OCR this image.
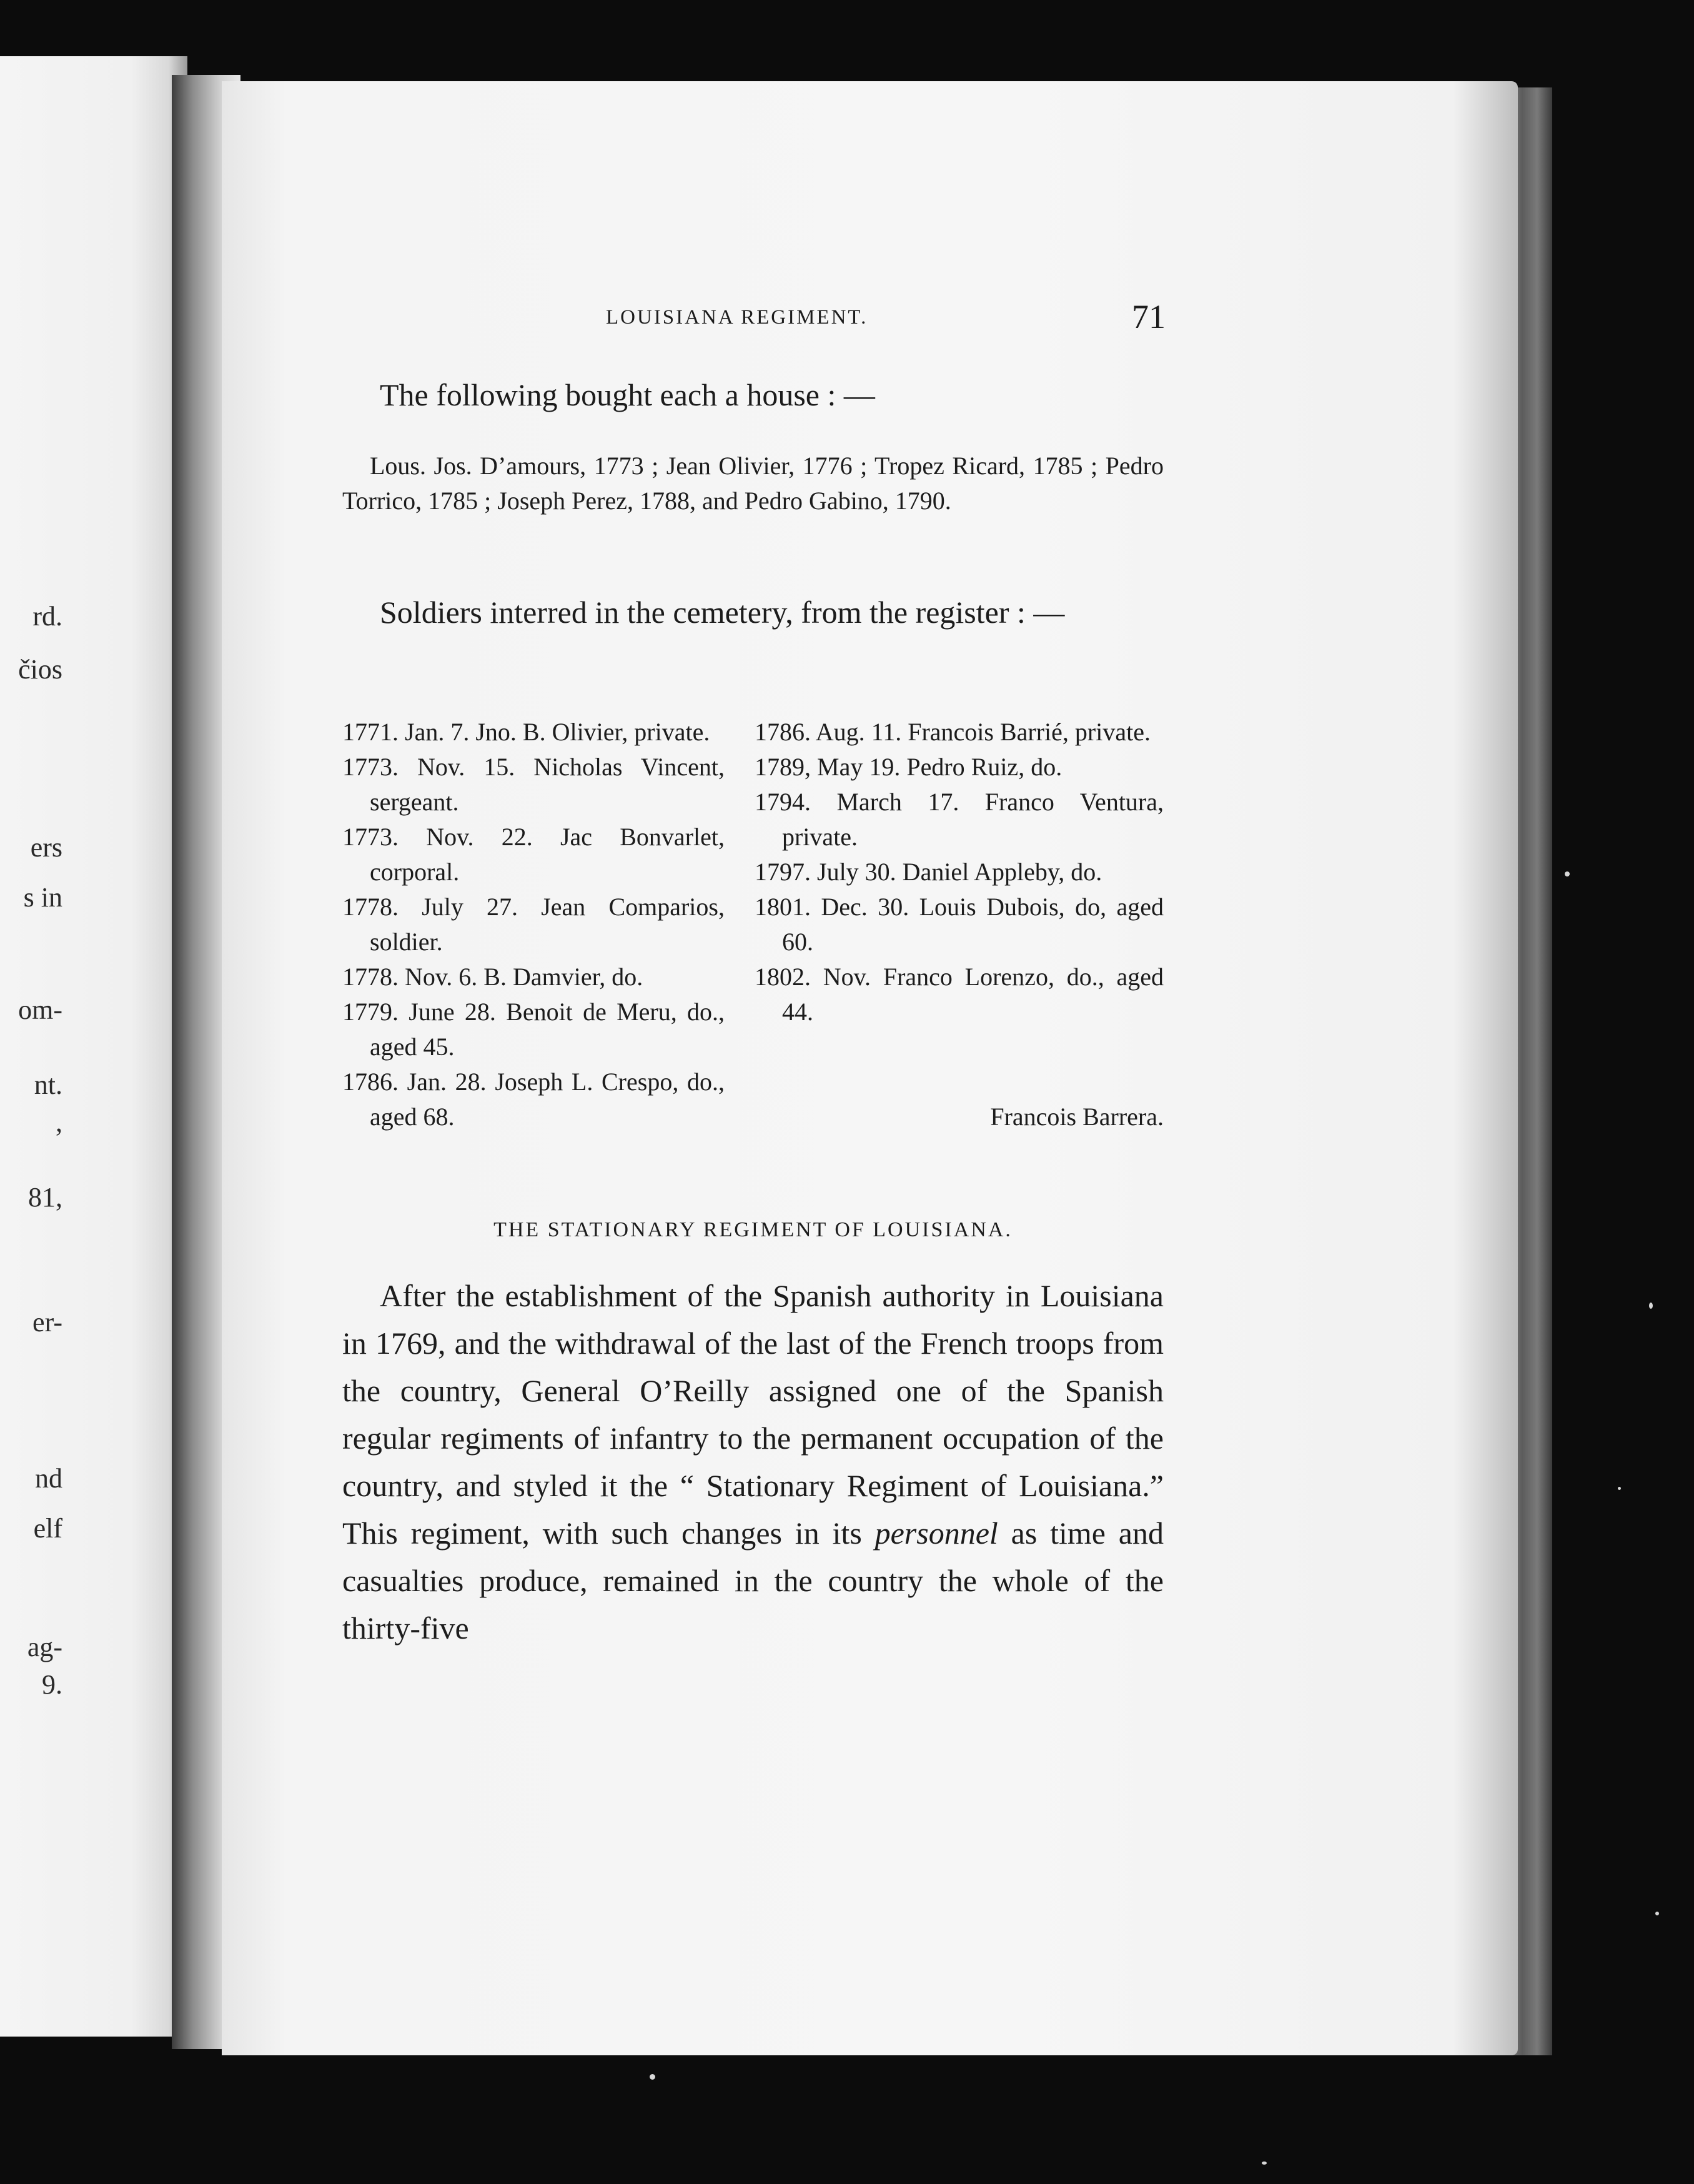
rd.
čios
ers
s in
om-
nt.
,
81,
er-
nd
elf
ag-
9.
LOUISIANA REGIMENT.	71

The following bought each a house : —

Lous. Jos. D’amours, 1773 ; Jean Olivier, 1776 ; Tropez Ricard, 1785 ; Pedro Torrico, 1785 ; Joseph Perez, 1788, and Pedro Gabino, 1790.

Soldiers interred in the cemetery, from the register : —

1771. Jan. 7. Jno. B. Olivier, private.

1773. Nov. 15. Nicholas Vincent, sergeant.

1773. Nov. 22. Jac Bonvarlet, corporal.

1778. July 27. Jean Comparios, soldier.

1778. Nov. 6. B. Damvier, do.

1779. June 28. Benoit de Meru, do., aged 45.

1786. Jan. 28. Joseph L. Crespo, do., aged 68.

1786. Aug. 11. Francois Barrié, private.

1789, May 19. Pedro Ruiz, do.

1794. March 17. Franco Ventura, private.

1797. July 30. Daniel Appleby, do.

1801. Dec. 30. Louis Dubois, do, aged 60.

1802. Nov. Franco Lorenzo, do., aged 44.

Francois Barrera.
THE STATIONARY REGIMENT OF LOUISIANA.

After the establishment of the Spanish authority in Louisiana in 1769, and the withdrawal of the last of the French troops from the country, General O’Reilly assigned one of the Spanish regular regiments of infantry to the permanent occupation of the country, and styled it the “ Stationary Regiment of Louisiana.” This regiment, with such changes in its personnel as time and casualties produce, remained in the country the whole of the thirty-five
